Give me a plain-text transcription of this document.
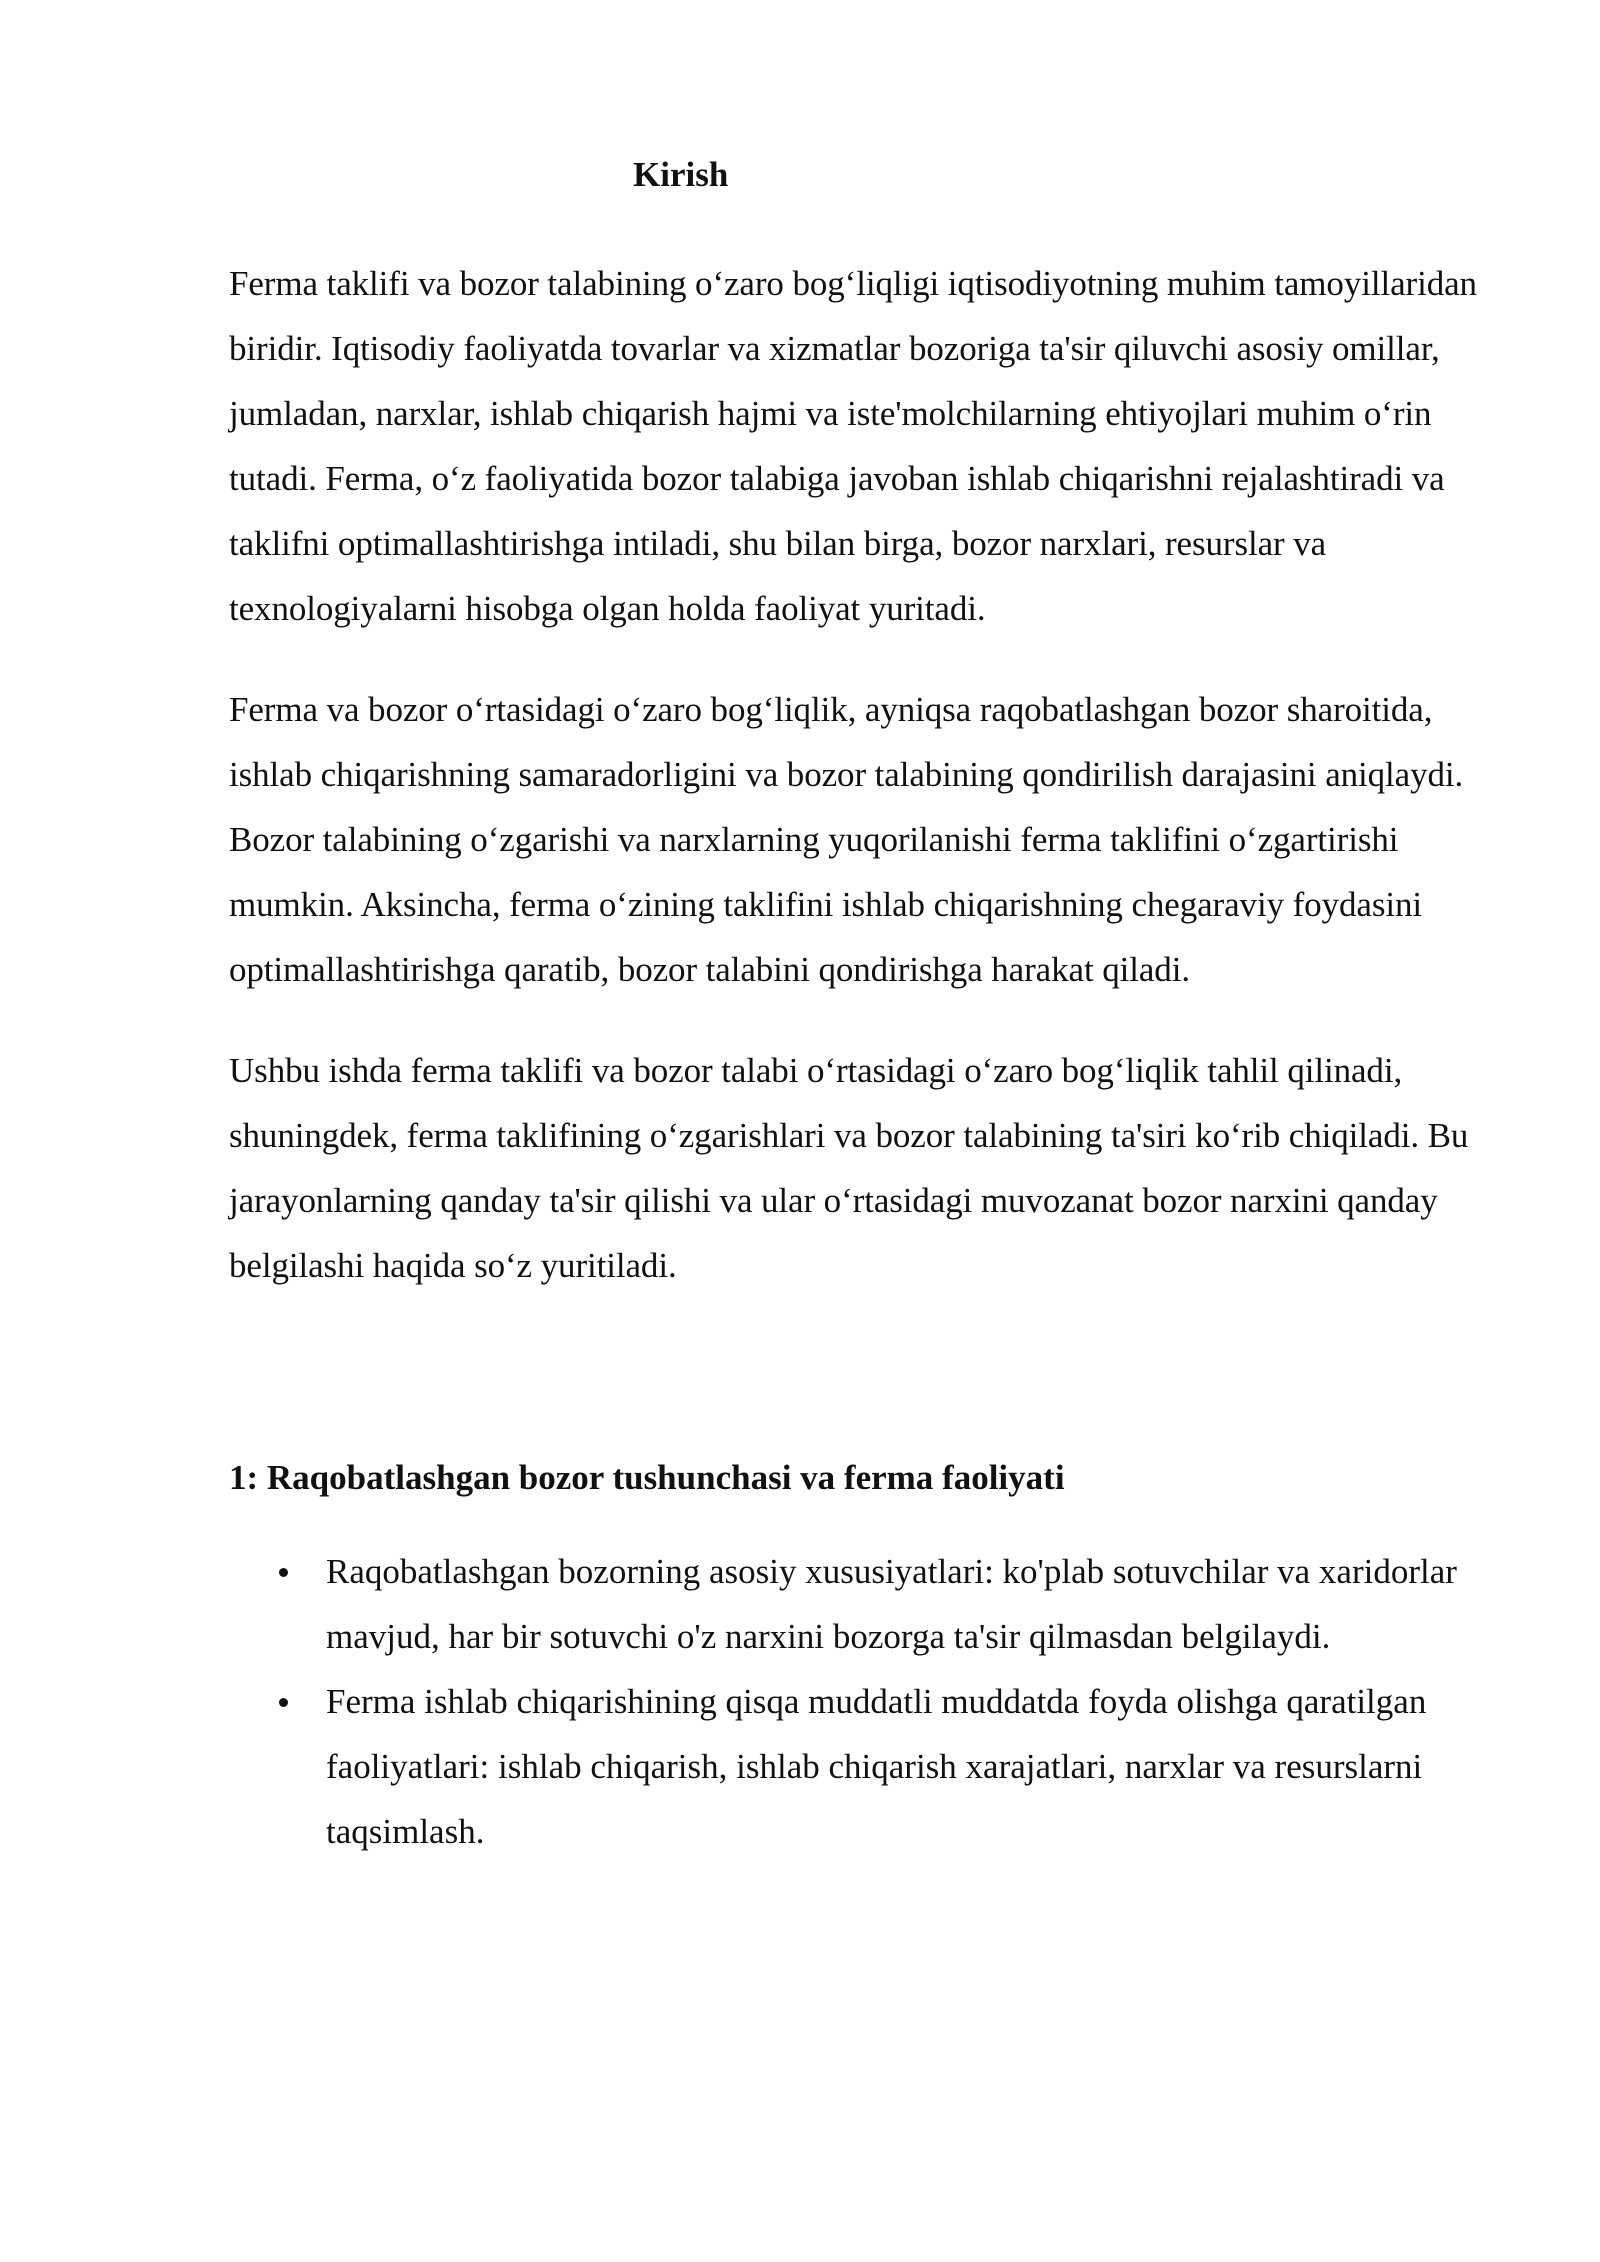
Kirish

Ferma taklifi va bozor talabining o‘zaro bog‘liqligi iqtisodiyotning muhim tamoyillaridan biridir. Iqtisodiy faoliyatda tovarlar va xizmatlar bozoriga ta'sir qiluvchi asosiy omillar, jumladan, narxlar, ishlab chiqarish hajmi va iste'molchilarning ehtiyojlari muhim o‘rin tutadi. Ferma, o‘z faoliyatida bozor talabiga javoban ishlab chiqarishni rejalashtiradi va taklifni optimallashtirishga intiladi, shu bilan birga, bozor narxlari, resurslar va texnologiyalarni hisobga olgan holda faoliyat yuritadi.

Ferma va bozor o‘rtasidagi o‘zaro bog‘liqlik, ayniqsa raqobatlashgan bozor sharoitida, ishlab chiqarishning samaradorligini va bozor talabining qondirilish darajasini aniqlaydi. Bozor talabining o‘zgarishi va narxlarning yuqorilanishi ferma taklifini o‘zgartirishi mumkin. Aksincha, ferma o‘zining taklifini ishlab chiqarishning chegaraviy foydasini optimallashtirishga qaratib, bozor talabini qondirishga harakat qiladi.

Ushbu ishda ferma taklifi va bozor talabi o‘rtasidagi o‘zaro bog‘liqlik tahlil qilinadi, shuningdek, ferma taklifining o‘zgarishlari va bozor talabining ta'siri ko‘rib chiqiladi. Bu jarayonlarning qanday ta'sir qilishi va ular o‘rtasidagi muvozanat bozor narxini qanday belgilashi haqida so‘z yuritiladi.

1: Raqobatlashgan bozor tushunchasi va ferma faoliyati
Raqobatlashgan bozorning asosiy xususiyatlari: ko'plab sotuvchilar va xaridorlar mavjud, har bir sotuvchi o'z narxini bozorga ta'sir qilmasdan belgilaydi.
Ferma ishlab chiqarishining qisqa muddatli muddatda foyda olishga qaratilgan faoliyatlari: ishlab chiqarish, ishlab chiqarish xarajatlari, narxlar va resurslarni taqsimlash.
